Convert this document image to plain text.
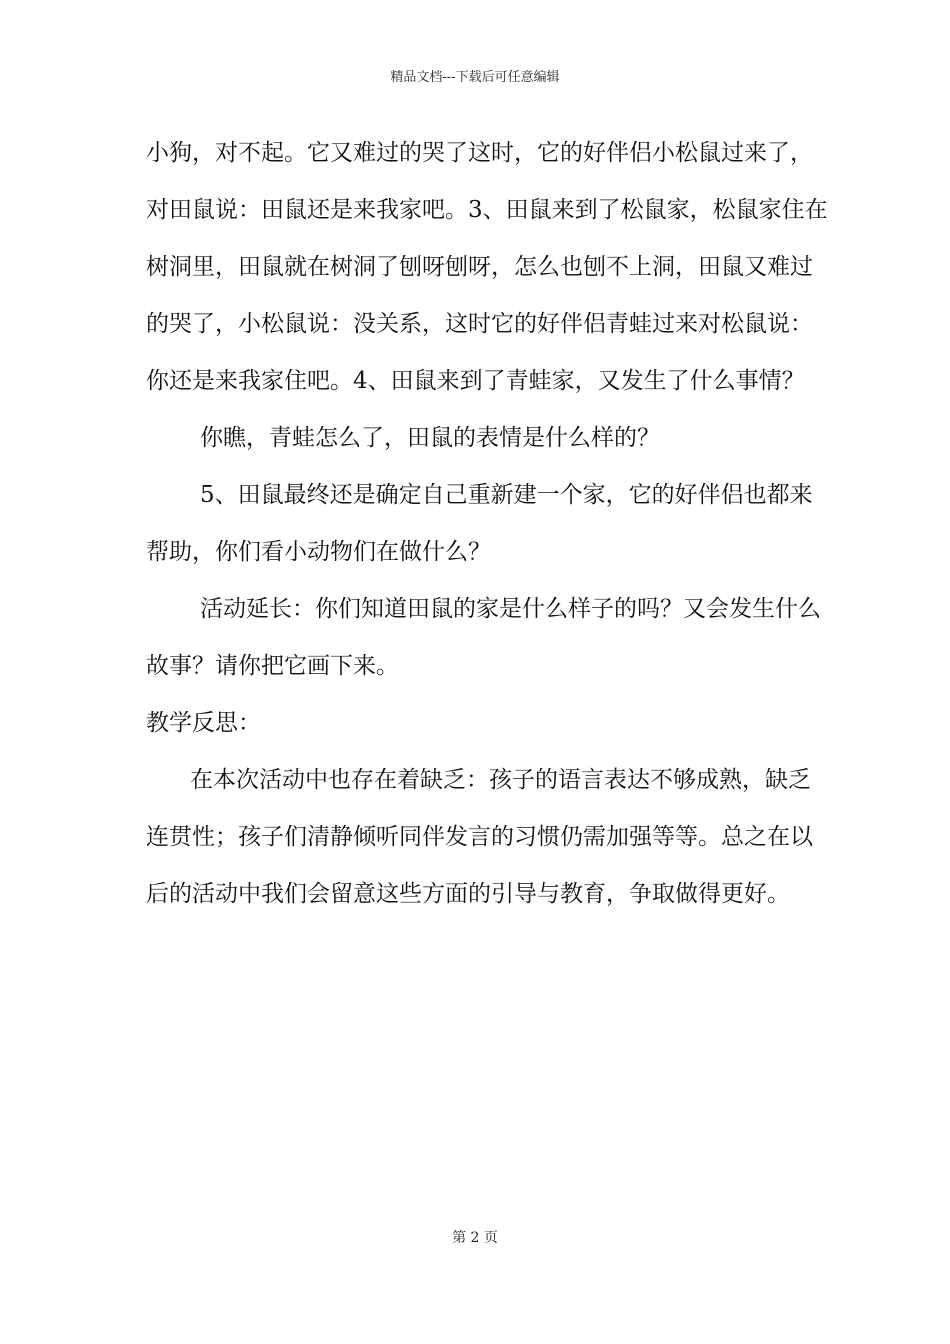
精品文档---下载后可任意编辑
小狗，对不起。它又难过的哭了这时，它的好伴侣小松鼠过来了，
对田鼠说：田鼠还是来我家吧。3、田鼠来到了松鼠家，松鼠家住在
树洞里，田鼠就在树洞了刨呀刨呀，怎么也刨不上洞，田鼠又难过
的哭了，小松鼠说：没关系，这时它的好伴侣青蛙过来对松鼠说：
你还是来我家住吧。4、田鼠来到了青蛙家，又发生了什么事情？
你瞧，青蛙怎么了，田鼠的表情是什么样的？
5、田鼠最终还是确定自己重新建一个家，它的好伴侣也都来
帮助，你们看小动物们在做什么？
活动延长：你们知道田鼠的家是什么样子的吗？又会发生什么
故事？请你把它画下来。
教学反思：
在本次活动中也存在着缺乏：孩子的语言表达不够成熟，缺乏
连贯性；孩子们清静倾听同伴发言的习惯仍需加强等等。总之在以
后的活动中我们会留意这些方面的引导与教育，争取做得更好。
第 2 页
